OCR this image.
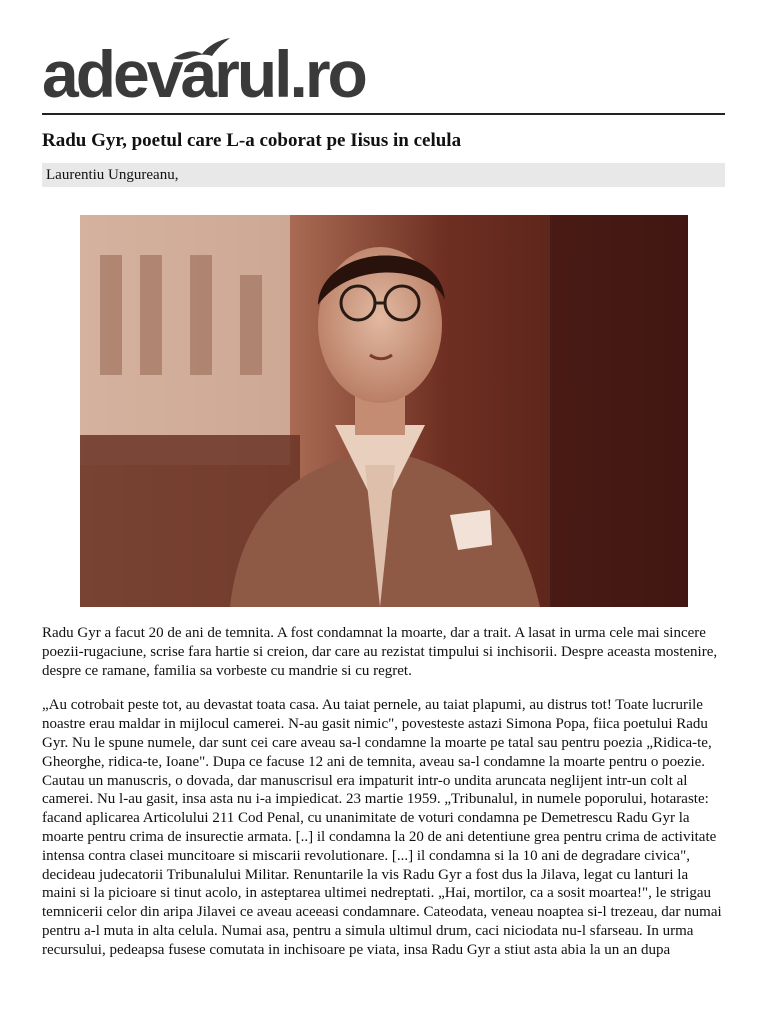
adevarul.ro
Radu Gyr, poetul care L-a coborat pe Iisus in celula
Laurentiu Ungureanu,

Radu Gyr a facut 20 de ani de temnita. A fost condamnat la moarte, dar a trait. A lasat in urma cele mai sincere poezii-rugaciune, scrise fara hartie si creion, dar care au rezistat timpului si inchisorii. Despre aceasta mostenire, despre ce ramane, familia sa vorbeste cu mandrie si cu regret.

„Au cotrobait peste tot, au devastat toata casa. Au taiat pernele, au taiat plapumi, au distrus tot! Toate lucrurile noastre erau maldar in mijlocul camerei. N-au gasit nimic", povesteste astazi Simona Popa, fiica poetului Radu Gyr. Nu le spune numele, dar sunt cei care aveau sa-l condamne la moarte pe tatal sau pentru poezia „Ridica-te, Gheorghe, ridica-te, Ioane". Dupa ce facuse 12 ani de temnita, aveau sa-l condamne la moarte pentru o poezie. Cautau un manuscris, o dovada, dar manuscrisul era impaturit intr-o undita aruncata neglijent intr-un colt al camerei. Nu l-au gasit, insa asta nu i-a impiedicat. 23 martie 1959. „Tribunalul, in numele poporului, hotaraste: facand aplicarea Articolului 211 Cod Penal, cu unanimitate de voturi condamna pe Demetrescu Radu Gyr la moarte pentru crima de insurectie armata. [..] il condamna la 20 de ani detentiune grea pentru crima de activitate intensa contra clasei muncitoare si miscarii revolutionare. [...] il condamna si la 10 ani de degradare civica", decideau judecatorii Tribunalului Militar. Renuntarile la vis Radu Gyr a fost dus la Jilava, legat cu lanturi la maini si la picioare si tinut acolo, in asteptarea ultimei nedreptati. „Hai, mortilor, ca a sosit moartea!", le strigau temnicerii celor din aripa Jilavei ce aveau aceeasi condamnare. Cateodata, veneau noaptea si-l trezeau, dar numai pentru a-l muta in alta celula. Numai asa, pentru a simula ultimul drum, caci niciodata nu-l sfarseau. In urma recursului, pedeapsa fusese comutata in inchisoare pe viata, insa Radu Gyr a stiut asta abia la un an dupa
